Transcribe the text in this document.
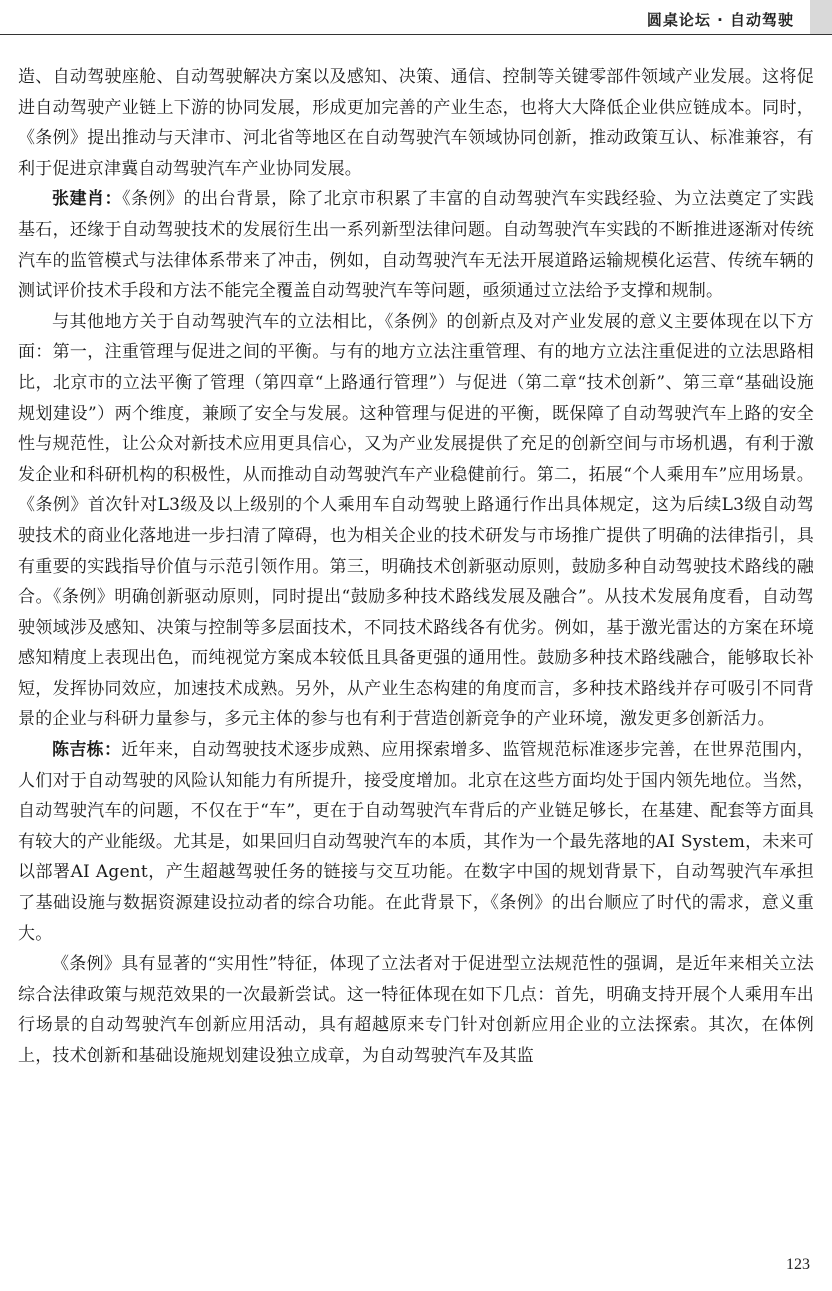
圆桌论坛 · 自动驾驶

造、自动驾驶座舱、自动驾驶解决方案以及感知、决策、通信、控制等关键零部件领域产业发展。这将促进自动驾驶产业链上下游的协同发展，形成更加完善的产业生态，也将大大降低企业供应链成本。同时，《条例》提出推动与天津市、河北省等地区在自动驾驶汽车领域协同创新，推动政策互认、标准兼容，有利于促进京津冀自动驾驶汽车产业协同发展。

张建肖：《条例》的出台背景，除了北京市积累了丰富的自动驾驶汽车实践经验、为立法奠定了实践基石，还缘于自动驾驶技术的发展衍生出一系列新型法律问题。自动驾驶汽车实践的不断推进逐渐对传统汽车的监管模式与法律体系带来了冲击，例如，自动驾驶汽车无法开展道路运输规模化运营、传统车辆的测试评价技术手段和方法不能完全覆盖自动驾驶汽车等问题，亟须通过立法给予支撑和规制。

与其他地方关于自动驾驶汽车的立法相比，《条例》的创新点及对产业发展的意义主要体现在以下方面：第一，注重管理与促进之间的平衡。与有的地方立法注重管理、有的地方立法注重促进的立法思路相比，北京市的立法平衡了管理（第四章“上路通行管理”）与促进（第二章“技术创新”、第三章“基础设施规划建设”）两个维度，兼顾了安全与发展。这种管理与促进的平衡，既保障了自动驾驶汽车上路的安全性与规范性，让公众对新技术应用更具信心，又为产业发展提供了充足的创新空间与市场机遇，有利于激发企业和科研机构的积极性，从而推动自动驾驶汽车产业稳健前行。第二，拓展“个人乘用车”应用场景。《条例》首次针对L3级及以上级别的个人乘用车自动驾驶上路通行作出具体规定，这为后续L3级自动驾驶技术的商业化落地进一步扫清了障碍，也为相关企业的技术研发与市场推广提供了明确的法律指引，具有重要的实践指导价值与示范引领作用。第三，明确技术创新驱动原则，鼓励多种自动驾驶技术路线的融合。《条例》明确创新驱动原则，同时提出“鼓励多种技术路线发展及融合”。从技术发展角度看，自动驾驶领域涉及感知、决策与控制等多层面技术，不同技术路线各有优劣。例如，基于激光雷达的方案在环境感知精度上表现出色，而纯视觉方案成本较低且具备更强的通用性。鼓励多种技术路线融合，能够取长补短，发挥协同效应，加速技术成熟。另外，从产业生态构建的角度而言，多种技术路线并存可吸引不同背景的企业与科研力量参与，多元主体的参与也有利于营造创新竞争的产业环境，激发更多创新活力。

陈吉栋：近年来，自动驾驶技术逐步成熟、应用探索增多、监管规范标准逐步完善，在世界范围内，人们对于自动驾驶的风险认知能力有所提升，接受度增加。北京在这些方面均处于国内领先地位。当然，自动驾驶汽车的问题，不仅在于“车”，更在于自动驾驶汽车背后的产业链足够长，在基建、配套等方面具有较大的产业能级。尤其是，如果回归自动驾驶汽车的本质，其作为一个最先落地的AI System，未来可以部署AI Agent，产生超越驾驶任务的链接与交互功能。在数字中国的规划背景下，自动驾驶汽车承担了基础设施与数据资源建设拉动者的综合功能。在此背景下，《条例》的出台顺应了时代的需求，意义重大。

《条例》具有显著的“实用性”特征，体现了立法者对于促进型立法规范性的强调，是近年来相关立法综合法律政策与规范效果的一次最新尝试。这一特征体现在如下几点：首先，明确支持开展个人乘用车出行场景的自动驾驶汽车创新应用活动，具有超越原来专门针对创新应用企业的立法探索。其次，在体例上，技术创新和基础设施规划建设独立成章，为自动驾驶汽车及其监

123
